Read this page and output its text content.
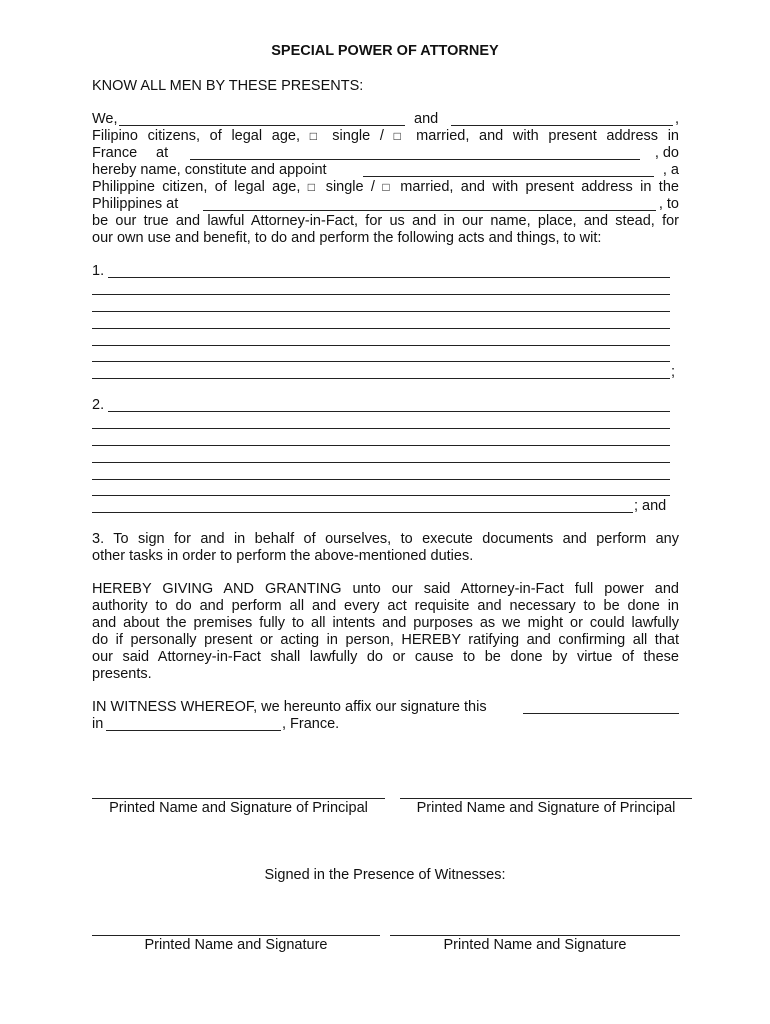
SPECIAL POWER OF ATTORNEY
KNOW ALL MEN BY THESE PRESENTS:
We,	and	,
Filipino citizens, of legal age, □ single / □ married, and with present address in
France at	, do
hereby name, constitute and appoint	, a
Philippine citizen, of legal age, □ single / □ married, and with present address in the
Philippines at	, to
be our true and lawful Attorney-in-Fact, for us and in our name, place, and stead, for
our own use and benefit, to do and perform the following acts and things, to wit:
1.
;
2.
; and
3. To sign for and in behalf of ourselves, to execute documents and perform any
other tasks in order to perform the above-mentioned duties.
HEREBY GIVING AND GRANTING unto our said Attorney-in-Fact full power and
authority to do and perform all and every act requisite and necessary to be done in
and about the premises fully to all intents and purposes as we might or could lawfully
do if personally present or acting in person, HEREBY ratifying and confirming all that
our said Attorney-in-Fact shall lawfully do or cause to be done by virtue of these
presents.
IN WITNESS WHEREOF, we hereunto affix our signature this
in	, France.
Printed Name and Signature of Principal	Printed Name and Signature of Principal
Signed in the Presence of Witnesses:
Printed Name and Signature	Printed Name and Signature
